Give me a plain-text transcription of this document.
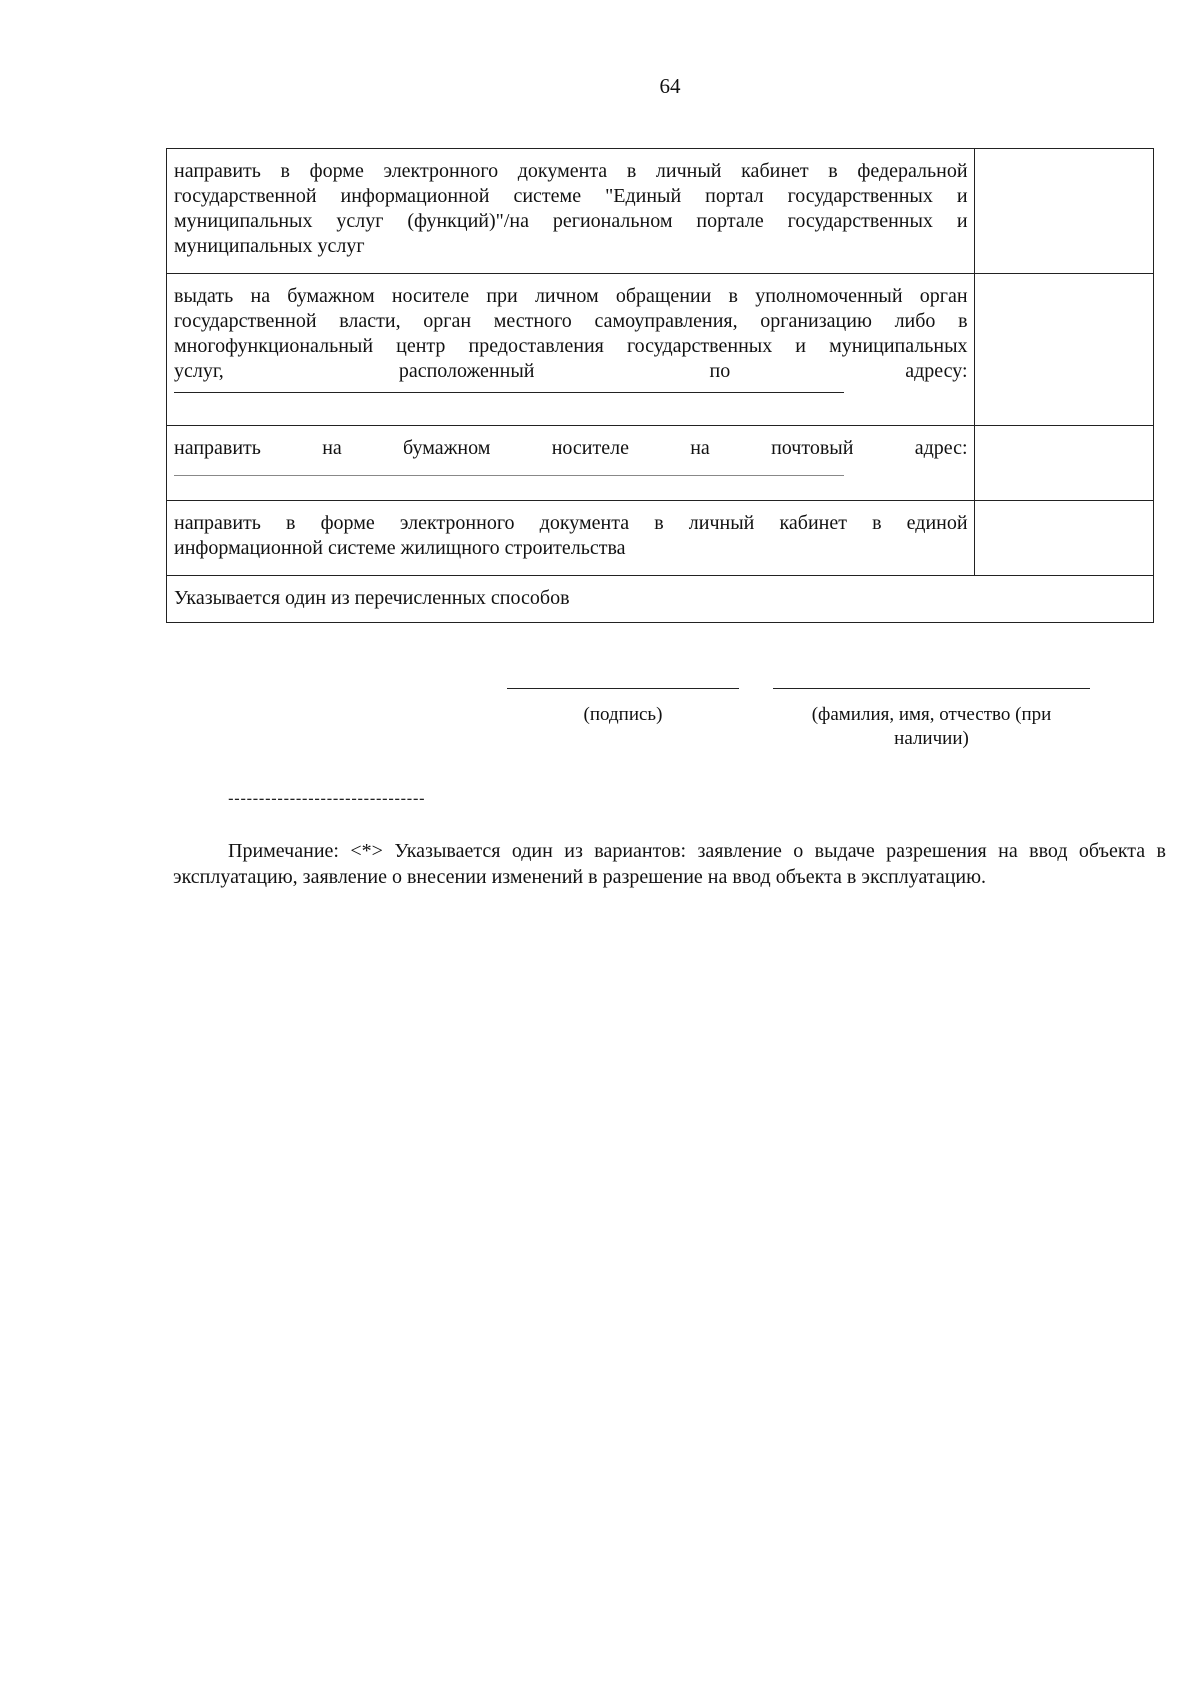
64
направить в форме электронного документа в личный кабинет в федеральной
государственной информационной системе "Единый портал государственных и
муниципальных услуг (функций)"/на региональном портале государственных и
муниципальных услуг	

выдать на бумажном носителе при личном обращении в уполномоченный орган
государственной власти, орган местного самоуправления, организацию либо в
многофункциональный центр предоставления государственных и муниципальных
услуг, расположенный по адресу:	

направить на бумажном носителе на почтовый адрес:	

направить в форме электронного документа в личный кабинет в единой
информационной системе жилищного строительства	

Указывается один из перечисленных способов	
(подпись)	(фамилия, имя, отчество (при наличии)
--------------------------------
Примечание: <*> Указывается один из вариантов: заявление о выдаче разрешения на ввод объекта в эксплуатацию, заявление о внесении изменений в разрешение на ввод объекта в эксплуатацию.
